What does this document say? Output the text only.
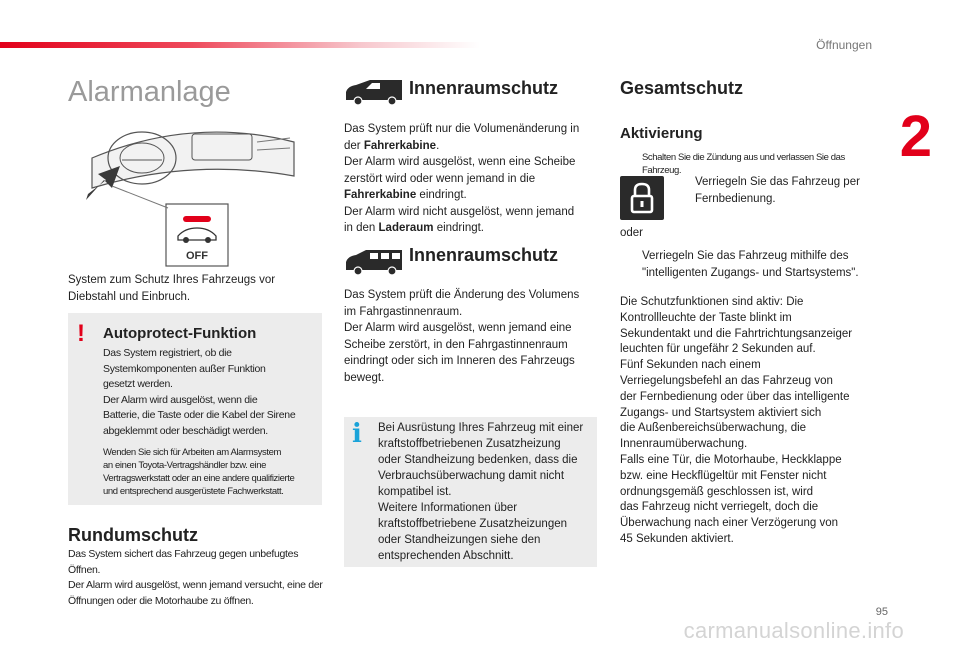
Öffnungen
2
Alarmanlage
OFF

System zum Schutz Ihres Fahrzeugs vor

Diebstahl und Einbruch.

! Autoprotect-Funktion

Das System registriert, ob die

Systemkomponenten außer Funktion

gesetzt werden.

Der Alarm wird ausgelöst, wenn die

Batterie, die Taste oder die Kabel der Sirene

abgeklemmt oder beschädigt werden.

Wenden Sie sich für Arbeiten am Alarmsystem

an einen Toyota-Vertragshändler bzw. eine

Vertragswerkstatt oder an eine andere qualifizierte

und entsprechend ausgerüstete Fachwerkstatt.

Rundumschutz

Das System sichert das Fahrzeug gegen unbefugtes Öffnen.

Der Alarm wird ausgelöst, wenn jemand versucht, eine der

Öffnungen oder die Motorhaube zu öffnen.

Innenraumschutz

Das System prüft nur die Volumenänderung in

der Fahrerkabine.

Der Alarm wird ausgelöst, wenn eine Scheibe

zerstört wird oder wenn jemand in die

Fahrerkabine eindringt.

Der Alarm wird nicht ausgelöst, wenn jemand

in den Laderaum eindringt.

Innenraumschutz

Das System prüft die Änderung des Volumens

im Fahrgastinnenraum.

Der Alarm wird ausgelöst, wenn jemand eine

Scheibe zerstört, in den Fahrgastinnenraum

eindringt oder sich im Inneren des Fahrzeugs

bewegt.

i Bei Ausrüstung Ihres Fahrzeug mit einer

kraftstoffbetriebenen Zusatzheizung

oder Standheizung bedenken, dass die

Verbrauchsüberwachung damit nicht

kompatibel ist.

Weitere Informationen über

kraftstoffbetriebene Zusatzheizungen

oder Standheizungen siehe den

entsprechenden Abschnitt.

Gesamtschutz
Aktivierung
Schalten Sie die Zündung aus und verlassen Sie das Fahrzeug.

Verriegeln Sie das Fahrzeug per

Fernbedienung.

oder

Verriegeln Sie das Fahrzeug mithilfe des

"intelligenten Zugangs- und Startsystems".

Die Schutzfunktionen sind aktiv: Die

Kontrollleuchte der Taste blinkt im

Sekundentakt und die Fahrtrichtungsanzeiger

leuchten für ungefähr 2 Sekunden auf.

Fünf Sekunden nach einem

Verriegelungsbefehl an das Fahrzeug von

der Fernbedienung oder über das intelligente

Zugangs- und Startsystem aktiviert sich

die Außenbereichsüberwachung, die

Innenraumüberwachung.

Falls eine Tür, die Motorhaube, Heckklappe

bzw. eine Heckflügeltür mit Fenster nicht

ordnungsgemäß geschlossen ist, wird

das Fahrzeug nicht verriegelt, doch die

Überwachung nach einer Verzögerung von

45 Sekunden aktiviert.

95
carmanualsonline.info
